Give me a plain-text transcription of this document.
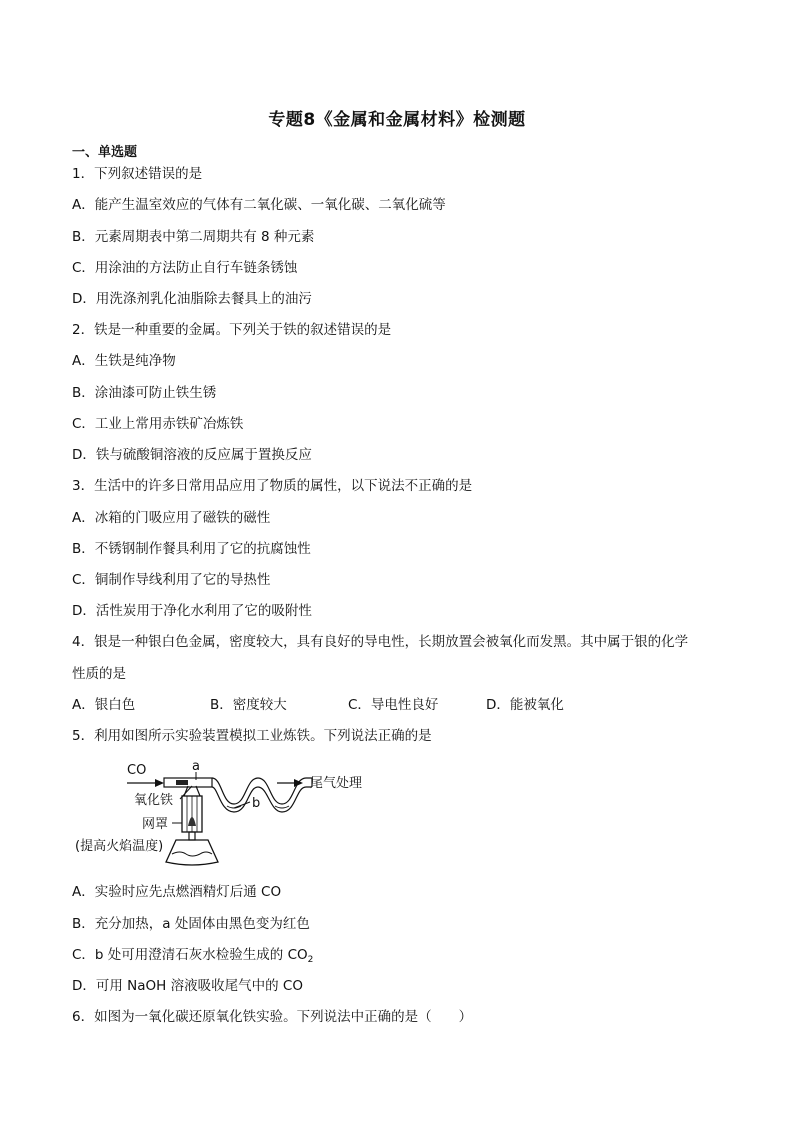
专题8《金属和金属材料》检测题
一、单选题
1．下列叙述错误的是
A．能产生温室效应的气体有二氧化碳、一氧化碳、二氧化硫等
B．元素周期表中第二周期共有 8 种元素
C．用涂油的方法防止自行车链条锈蚀
D．用洗涤剂乳化油脂除去餐具上的油污
2．铁是一种重要的金属。下列关于铁的叙述错误的是
A．生铁是纯净物
B．涂油漆可防止铁生锈
C．工业上常用赤铁矿冶炼铁
D．铁与硫酸铜溶液的反应属于置换反应
3．生活中的许多日常用品应用了物质的属性，以下说法不正确的是
A．冰箱的门吸应用了磁铁的磁性
B．不锈钢制作餐具利用了它的抗腐蚀性
C．铜制作导线利用了它的导热性
D．活性炭用于净化水利用了它的吸附性
4．银是一种银白色金属，密度较大，具有良好的导电性，长期放置会被氧化而发黑。其中属于银的化学
性质的是
A．银白色	B．密度较大	C．导电性良好	D．能被氧化
5．利用如图所示实验装置模拟工业炼铁。下列说法正确的是
CO	a
尾气处理
b
氧化铁
网罩
(提高火焰温度)
A．实验时应先点燃酒精灯后通 CO
B．充分加热，a 处固体由黑色变为红色
C．b 处可用澄清石灰水检验生成的 $CO_2$
D．可用 NaOH 溶液吸收尾气中的 CO
6．如图为一氧化碳还原氧化铁实验。下列说法中正确的是（　　）
